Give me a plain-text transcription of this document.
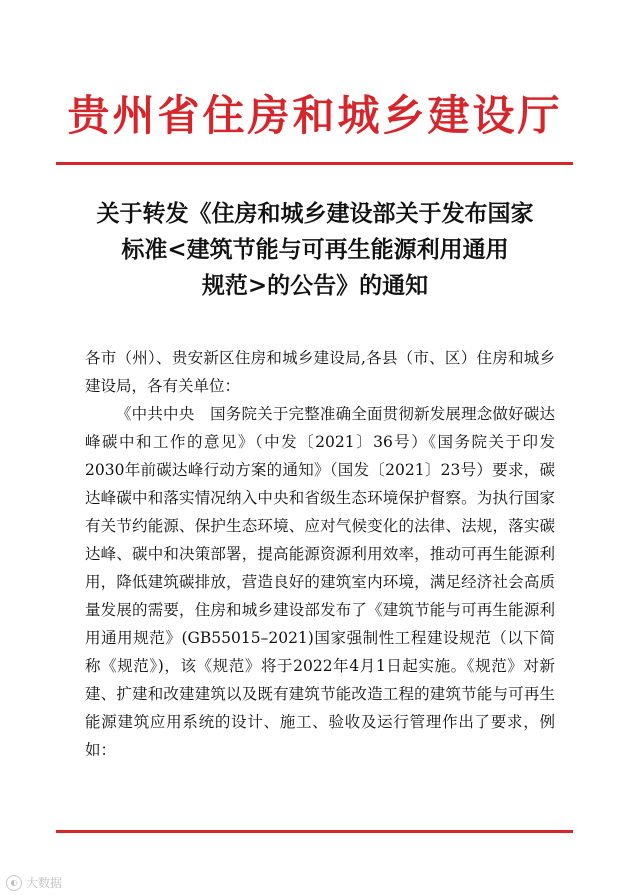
贵州省住房和城乡建设厅
关于转发《住房和城乡建设部关于发布国家
标准<建筑节能与可再生能源利用通用
规范>的公告》的通知

各市（州）、贵安新区住房和城乡建设局,各县（市、区）住房和城乡建设局，各有关单位：

《中共中央　国务院关于完整准确全面贯彻新发展理念做好碳达峰碳中和工作的意见》（中发〔2021〕36号）《国务院关于印发2030年前碳达峰行动方案的通知》（国发〔2021〕23号）要求，碳达峰碳中和落实情况纳入中央和省级生态环境保护督察。为执行国家有关节约能源、保护生态环境、应对气候变化的法律、法规，落实碳达峰、碳中和决策部署，提高能源资源利用效率，推动可再生能源利用，降低建筑碳排放，营造良好的建筑室内环境，满足经济社会高质量发展的需要，住房和城乡建设部发布了《建筑节能与可再生能源利用通用规范》(GB55015–2021)国家强制性工程建设规范（以下简称《规范》)，该《规范》将于2022年4月1日起实施。《规范》对新建、扩建和改建建筑以及既有建筑节能改造工程的建筑节能与可再生能源建筑应用系统的设计、施工、验收及运行管理作出了要求，例如：

◐ 大数据
